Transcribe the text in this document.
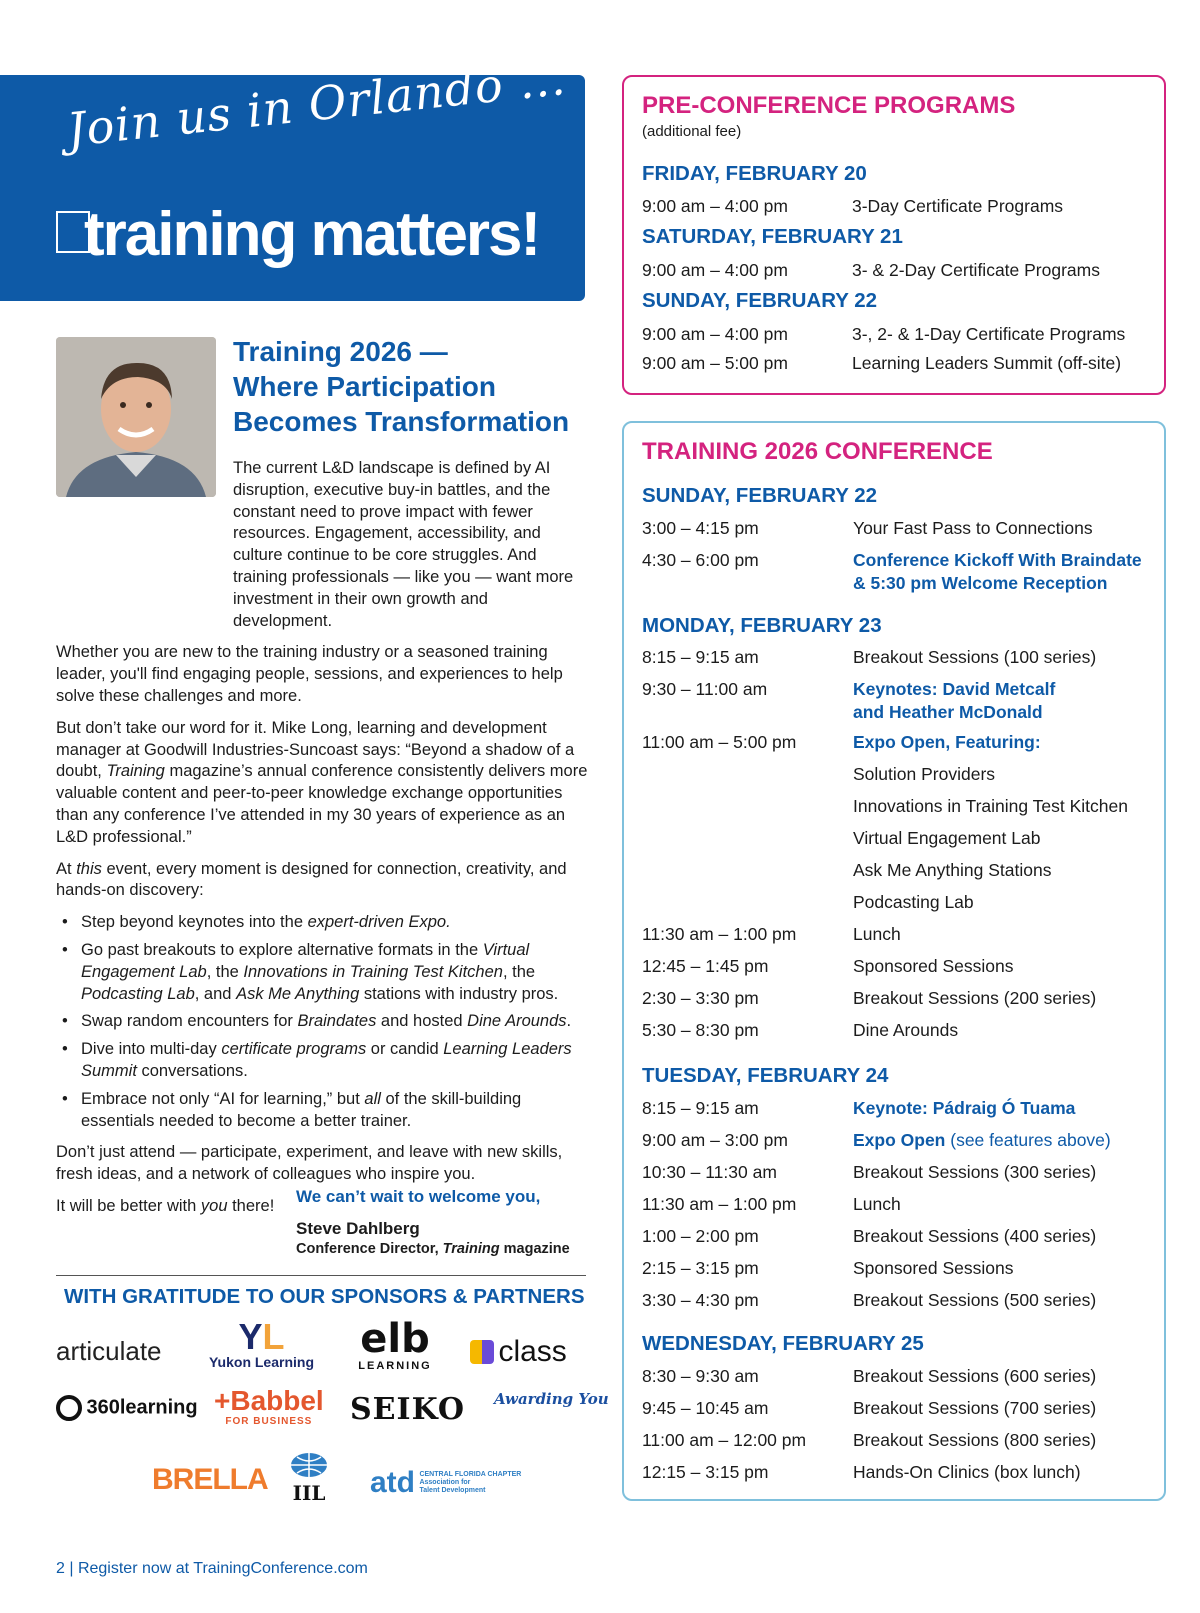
Join us in Orlando ...
training matters!
Training 2026 —
Where Participation
Becomes Transformation

The current L&D landscape is defined by AI disruption, executive buy-in battles, and the constant need to prove impact with fewer resources. Engagement, accessibility, and culture continue to be core struggles. And training professionals — like you — want more investment in their own growth and development.

Whether you are new to the training industry or a seasoned training leader, you'll find engaging people, sessions, and experiences to help solve these challenges and more.

But don’t take our word for it. Mike Long, learning and development manager at Goodwill Industries-Suncoast says: “Beyond a shadow of a doubt, Training magazine’s annual conference consistently delivers more valuable content and peer-to-peer knowledge exchange opportunities than any conference I’ve attended in my 30 years of experience as an L&D professional.”

At this event, every moment is designed for connection, creativity, and hands-on discovery:

• Step beyond keynotes into the expert-driven Expo.
• Go past breakouts to explore alternative formats in the Virtual Engagement Lab, the Innovations in Training Test Kitchen, the Podcasting Lab, and Ask Me Anything stations with industry pros.
• Swap random encounters for Braindates and hosted Dine Arounds.
• Dive into multi-day certificate programs or candid Learning Leaders Summit conversations.
• Embrace not only “AI for learning,” but all of the skill-building essentials needed to become a better trainer.

Don’t just attend — participate, experiment, and leave with new skills, fresh ideas, and a network of colleagues who inspire you.

It will be better with you there!	We can’t wait to welcome you,
Steve Dahlberg
Conference Director, Training magazine
WITH GRATITUDE TO OUR SPONSORS & PARTNERS
articulate	YL
Yukon Learning elb
LEARNING	class
360learning +Babbel
FOR BUSINESS	SEIKO Awarding You
BRELLA	IIL	atd CENTRAL FLORIDA CHAPTER
Association for Talent Development
2 | Register now at TrainingConference.com
PRE-CONFERENCE PROGRAMS
(additional fee)
FRIDAY, FEBRUARY 20
9:00 am – 4:00 pm	3-Day Certificate Programs
SATURDAY, FEBRUARY 21
9:00 am – 4:00 pm	3- & 2-Day Certificate Programs
SUNDAY, FEBRUARY 22
9:00 am – 4:00 pm	3-, 2- & 1-Day Certificate Programs
9:00 am – 5:00 pm	Learning Leaders Summit (off-site)
TRAINING 2026 CONFERENCE
SUNDAY, FEBRUARY 22
3:00 – 4:15 pm	Your Fast Pass to Connections
4:30 – 6:00 pm	Conference Kickoff With Braindate
& 5:30 pm Welcome Reception
MONDAY, FEBRUARY 23
8:15 – 9:15 am	Breakout Sessions (100 series)
9:30 – 11:00 am	Keynotes: David Metcalf
and Heather McDonald
11:00 am – 5:00 pm	Expo Open, Featuring:
Solution Providers
Innovations in Training Test Kitchen
Virtual Engagement Lab
Ask Me Anything Stations
Podcasting Lab
11:30 am – 1:00 pm	Lunch
12:45 – 1:45 pm	Sponsored Sessions
2:30 – 3:30 pm	Breakout Sessions (200 series)
5:30 – 8:30 pm	Dine Arounds
TUESDAY, FEBRUARY 24
8:15 – 9:15 am	Keynote: Pádraig Ó Tuama
9:00 am – 3:00 pm	Expo Open (see features above)
10:30 – 11:30 am	Breakout Sessions (300 series)
11:30 am – 1:00 pm	Lunch
1:00 – 2:00 pm	Breakout Sessions (400 series)
2:15 – 3:15 pm	Sponsored Sessions
3:30 – 4:30 pm	Breakout Sessions (500 series)
WEDNESDAY, FEBRUARY 25
8:30 – 9:30 am	Breakout Sessions (600 series)
9:45 – 10:45 am	Breakout Sessions (700 series)
11:00 am – 12:00 pm	Breakout Sessions (800 series)
12:15 – 3:15 pm	Hands-On Clinics (box lunch)
